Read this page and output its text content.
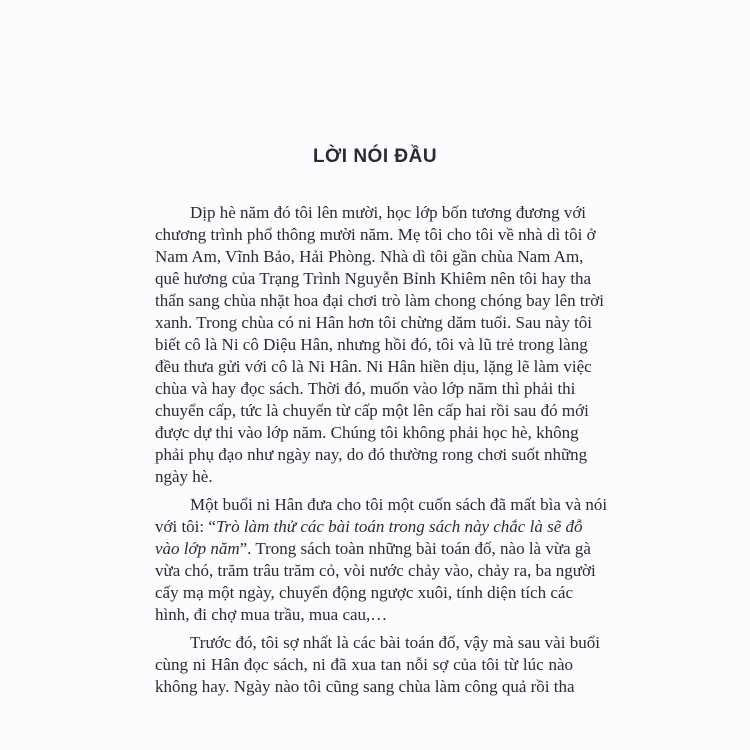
LỜI NÓI ĐẦU
Dịp hè năm đó tôi lên mười, học lớp bốn tương đương với
chương trình phổ thông mười năm. Mẹ tôi cho tôi về nhà dì tôi ở
Nam Am, Vĩnh Bảo, Hải Phòng. Nhà dì tôi gần chùa Nam Am,
quê hương của Trạng Trình Nguyễn Bỉnh Khiêm nên tôi hay tha
thẩn sang chùa nhặt hoa đại chơi trò làm chong chóng bay lên trời
xanh. Trong chùa có ni Hân hơn tôi chừng dăm tuổi. Sau này tôi
biết cô là Ni cô Diệu Hân, nhưng hồi đó, tôi và lũ trẻ trong làng
đều thưa gửi với cô là Ni Hân. Ni Hân hiền dịu, lặng lẽ làm việc
chùa và hay đọc sách. Thời đó, muốn vào lớp năm thì phải thi
chuyển cấp, tức là chuyển từ cấp một lên cấp hai rồi sau đó mới
được dự thi vào lớp năm. Chúng tôi không phải học hè, không
phải phụ đạo như ngày nay, do đó thường rong chơi suốt những
ngày hè.
Một buổi ni Hân đưa cho tôi một cuốn sách đã mất bìa và nói
với tôi: “Trò làm thử các bài toán trong sách này chắc là sẽ đỗ
vào lớp năm”. Trong sách toàn những bài toán đố, nào là vừa gà
vừa chó, trăm trâu trăm cỏ, vòi nước chảy vào, chảy ra, ba người
cấy mạ một ngày, chuyển động ngược xuôi, tính diện tích các
hình, đi chợ mua trầu, mua cau,…
Trước đó, tôi sợ nhất là các bài toán đố, vậy mà sau vài buổi
cùng ni Hân đọc sách, ni đã xua tan nỗi sợ của tôi từ lúc nào
không hay. Ngày nào tôi cũng sang chùa làm công quả rồi tha
